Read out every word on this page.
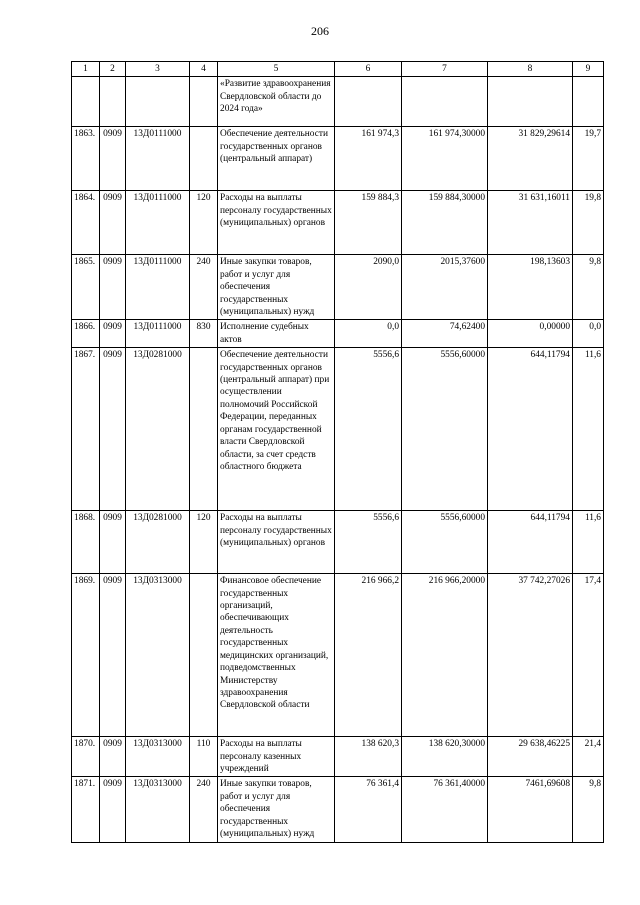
206
1	2	3	4	5	6	7	8	9
				«Развитие здравоохранения Свердловской области до 2024 года»				
1863.	0909	13Д0111000		Обеспечение деятельности государственных органов (центральный аппарат)	161 974,3	161 974,30000	31 829,29614	19,7
1864.	0909	13Д0111000	120	Расходы на выплаты персоналу государственных (муниципальных) органов	159 884,3	159 884,30000	31 631,16011	19,8
1865.	0909	13Д0111000	240	Иные закупки товаров, работ и услуг для обеспечения государственных (муниципальных) нужд	2090,0	2015,37600	198,13603	9,8
1866.	0909	13Д0111000	830	Исполнение судебных актов	0,0	74,62400	0,00000	0,0
1867.	0909	13Д0281000		Обеспечение деятельности государственных органов (центральный аппарат) при осуществлении полномочий Российской Федерации, переданных органам государственной власти Свердловской области, за счет средств областного бюджета	5556,6	5556,60000	644,11794	11,6
1868.	0909	13Д0281000	120	Расходы на выплаты персоналу государственных (муниципальных) органов	5556,6	5556,60000	644,11794	11,6
1869.	0909	13Д0313000		Финансовое обеспечение государственных организаций, обеспечивающих деятельность государственных медицинских организаций, подведомственных Министерству здравоохранения Свердловской области	216 966,2	216 966,20000	37 742,27026	17,4
1870.	0909	13Д0313000	110	Расходы на выплаты персоналу казенных учреждений	138 620,3	138 620,30000	29 638,46225	21,4
1871.	0909	13Д0313000	240	Иные закупки товаров, работ и услуг для обеспечения государственных (муниципальных) нужд	76 361,4	76 361,40000	7461,69608	9,8
